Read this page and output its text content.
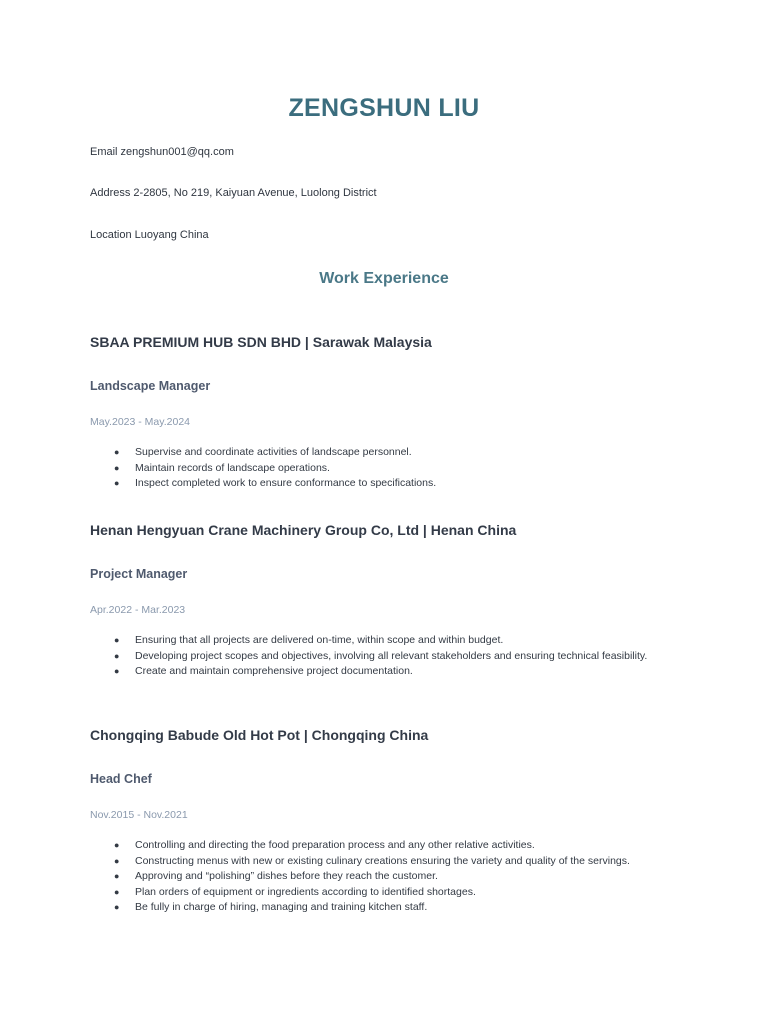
ZENGSHUN LIU
Email zengshun001@qq.com
Address 2-2805, No 219, Kaiyuan Avenue, Luolong District
Location Luoyang China
Work Experience
SBAA PREMIUM HUB SDN BHD | Sarawak Malaysia
Landscape Manager
May.2023 - May.2024
● Supervise and coordinate activities of landscape personnel.
● Maintain records of landscape operations.
● Inspect completed work to ensure conformance to specifications.
Henan Hengyuan Crane Machinery Group Co, Ltd | Henan China
Project Manager
Apr.2022 - Mar.2023
● Ensuring that all projects are delivered on-time, within scope and within budget.
● Developing project scopes and objectives, involving all relevant stakeholders and ensuring technical feasibility.
● Create and maintain comprehensive project documentation.
Chongqing Babude Old Hot Pot | Chongqing China
Head Chef
Nov.2015 - Nov.2021
● Controlling and directing the food preparation process and any other relative activities.
● Constructing menus with new or existing culinary creations ensuring the variety and quality of the servings.
● Approving and “polishing” dishes before they reach the customer.
● Plan orders of equipment or ingredients according to identified shortages.
● Be fully in charge of hiring, managing and training kitchen staff.
